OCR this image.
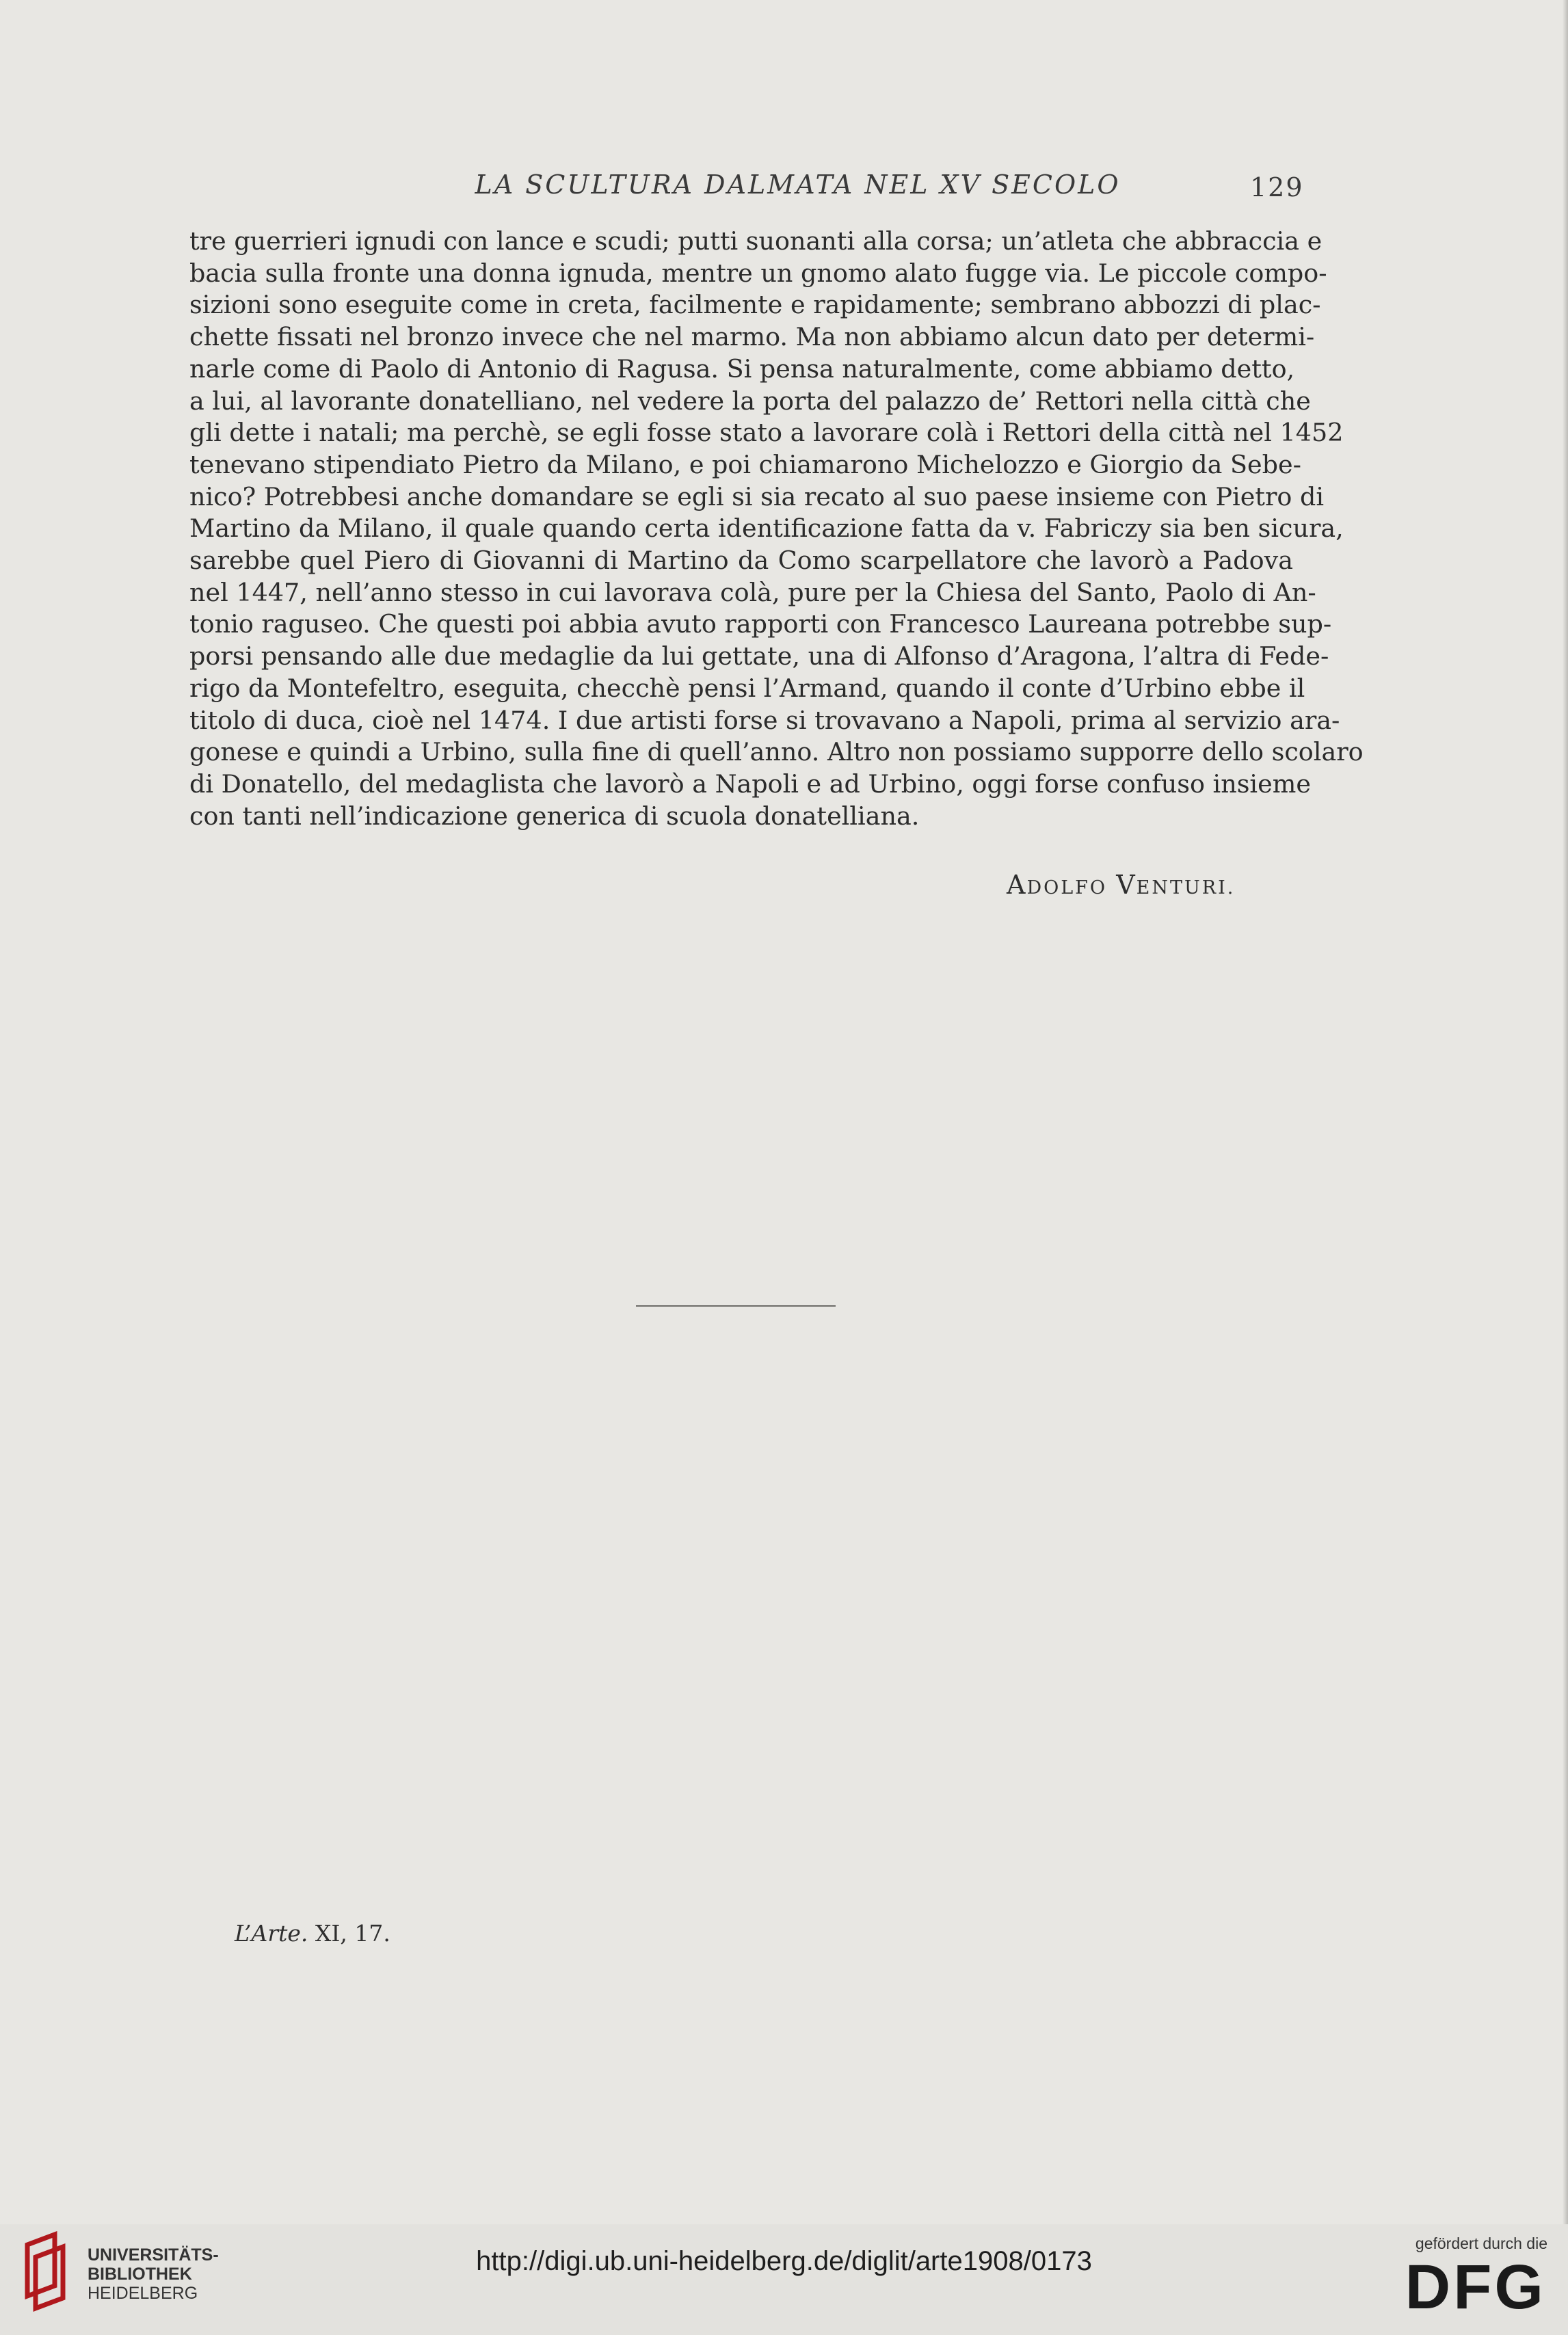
LA SCULTURA DALMATA NEL XV SECOLO	129
tre guerrieri ignudi con lance e scudi; putti suonanti alla corsa; un’atleta che abbraccia e
bacia sulla fronte una donna ignuda, mentre un gnomo alato fugge via. Le piccole compo-
sizioni sono eseguite come in creta, facilmente e rapidamente; sembrano abbozzi di plac-
chette fissati nel bronzo invece che nel marmo. Ma non abbiamo alcun dato per determi-
narle come di Paolo di Antonio di Ragusa. Si pensa naturalmente, come abbiamo detto,
a lui, al lavorante donatelliano, nel vedere la porta del palazzo de’ Rettori nella città che
gli dette i natali; ma perchè, se egli fosse stato a lavorare colà i Rettori della città nel 1452
tenevano stipendiato Pietro da Milano, e poi chiamarono Michelozzo e Giorgio da Sebe-
nico? Potrebbesi anche domandare se egli si sia recato al suo paese insieme con Pietro di
Martino da Milano, il quale quando certa identificazione fatta da v. Fabriczy sia ben sicura,
sarebbe quel Piero di Giovanni di Martino da Como scarpellatore che lavorò a Padova
nel 1447, nell’anno stesso in cui lavorava colà, pure per la Chiesa del Santo, Paolo di An-
tonio raguseo. Che questi poi abbia avuto rapporti con Francesco Laureana potrebbe sup-
porsi pensando alle due medaglie da lui gettate, una di Alfonso d’Aragona, l’altra di Fede-
rigo da Montefeltro, eseguita, checchè pensi l’Armand, quando il conte d’Urbino ebbe il
titolo di duca, cioè nel 1474. I due artisti forse si trovavano a Napoli, prima al servizio ara-
gonese e quindi a Urbino, sulla fine di quell’anno. Altro non possiamo supporre dello scolaro
di Donatello, del medaglista che lavorò a Napoli e ad Urbino, oggi forse confuso insieme
con tanti nell’indicazione generica di scuola donatelliana.
ADOLFO VENTURI.
L’Arte. XI, 17.
UNIVERSITÄTS-
BIBLIOTHEK
HEIDELBERG
http://digi.ub.uni-heidelberg.de/diglit/arte1908/0173
gefördert durch die
DFG
